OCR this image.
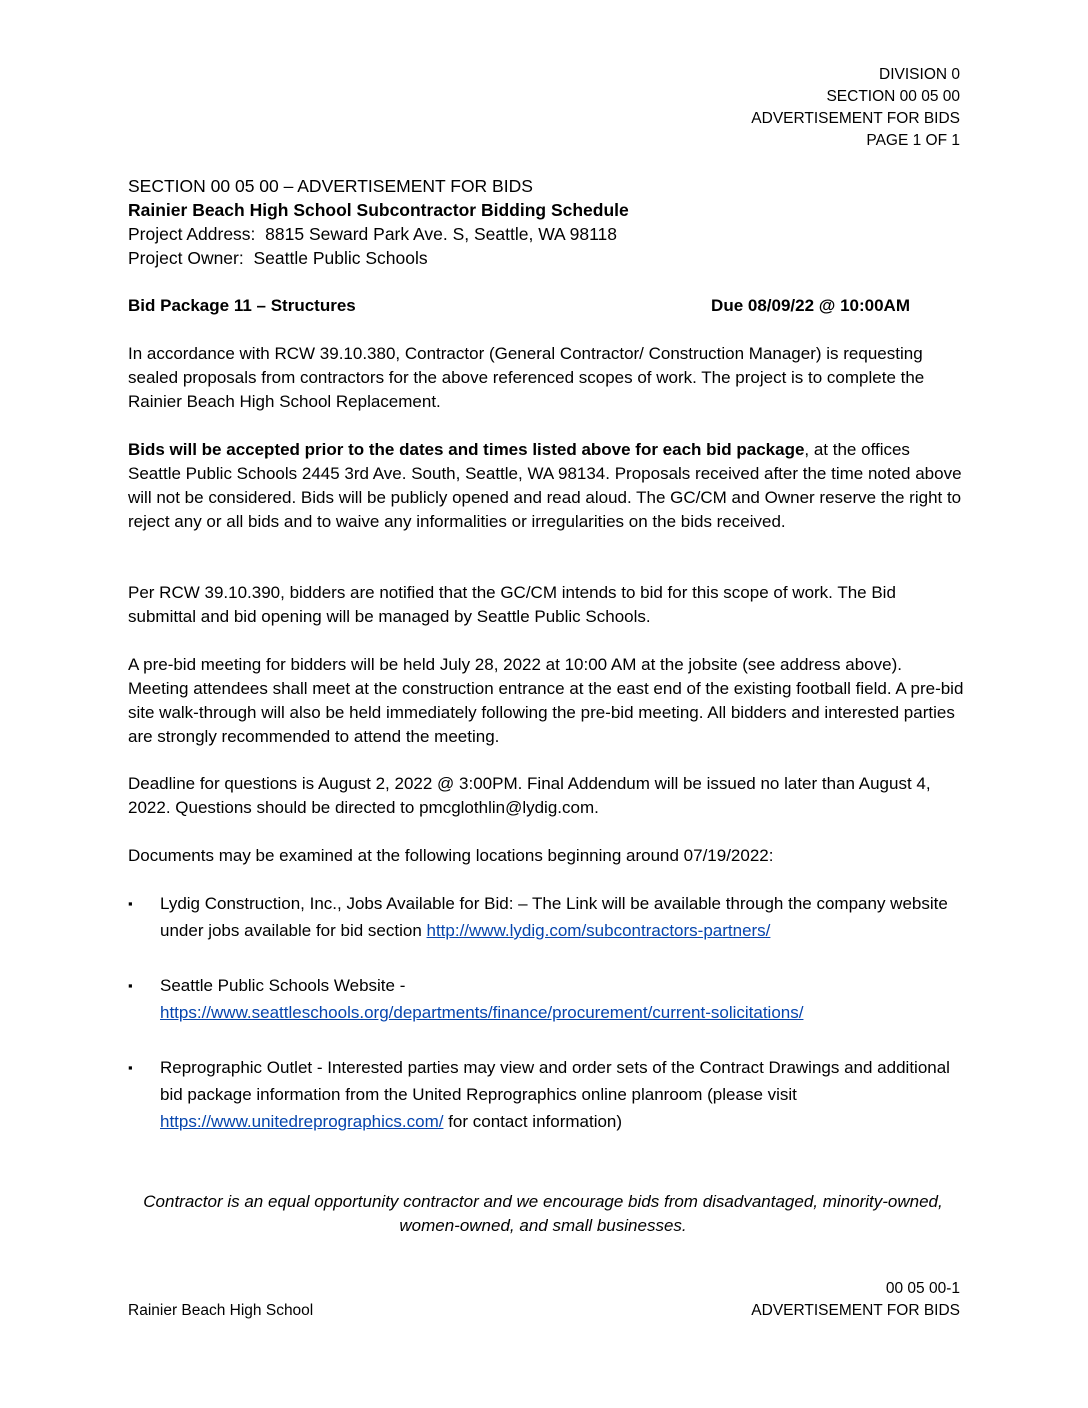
DIVISION 0
SECTION 00 05 00
ADVERTISEMENT FOR BIDS
PAGE 1 OF 1
SECTION 00 05 00 – ADVERTISEMENT FOR BIDS
Rainier Beach High School Subcontractor Bidding Schedule
Project Address: 8815 Seward Park Ave. S, Seattle, WA 98118
Project Owner: Seattle Public Schools
Bid Package 11 – Structures	Due 08/09/22 @ 10:00AM

In accordance with RCW 39.10.380, Contractor (General Contractor/ Construction Manager) is requesting sealed proposals from contractors for the above referenced scopes of work. The project is to complete the Rainier Beach High School Replacement.

Bids will be accepted prior to the dates and times listed above for each bid package, at the offices Seattle Public Schools 2445 3rd Ave. South, Seattle, WA 98134. Proposals received after the time noted above will not be considered. Bids will be publicly opened and read aloud. The GC/CM and Owner reserve the right to reject any or all bids and to waive any informalities or irregularities on the bids received.

Per RCW 39.10.390, bidders are notified that the GC/CM intends to bid for this scope of work. The Bid submittal and bid opening will be managed by Seattle Public Schools.

A pre-bid meeting for bidders will be held July 28, 2022 at 10:00 AM at the jobsite (see address above). Meeting attendees shall meet at the construction entrance at the east end of the existing football field. A pre-bid site walk-through will also be held immediately following the pre-bid meeting. All bidders and interested parties are strongly recommended to attend the meeting.

Deadline for questions is August 2, 2022 @ 3:00PM. Final Addendum will be issued no later than August 4, 2022. Questions should be directed to pmcglothlin@lydig.com.

Documents may be examined at the following locations beginning around 07/19/2022:

▪ Lydig Construction, Inc., Jobs Available for Bid: – The Link will be available through the company website under jobs available for bid section http://www.lydig.com/subcontractors-partners/
▪ Seattle Public Schools Website -
https://www.seattleschools.org/departments/finance/procurement/current-solicitations/
▪ Reprographic Outlet - Interested parties may view and order sets of the Contract Drawings and additional bid package information from the United Reprographics online planroom (please visit https://www.unitedreprographics.com/ for contact information)
Contractor is an equal opportunity contractor and we encourage bids from disadvantaged, minority-owned, women-owned, and small businesses.
Rainier Beach High School
00 05 00-1
ADVERTISEMENT FOR BIDS
